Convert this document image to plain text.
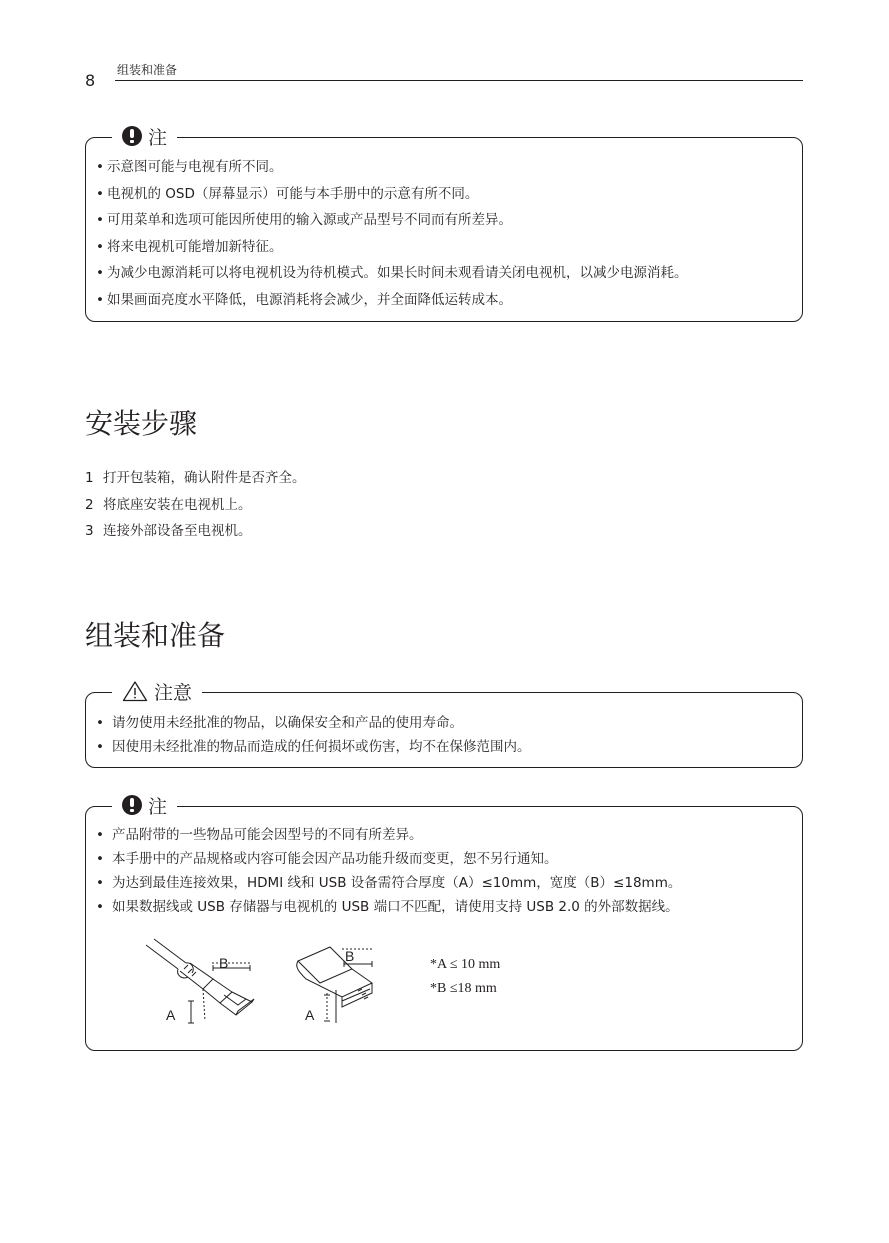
8
组装和准备
注
• 示意图可能与电视有所不同。
• 电视机的 OSD（屏幕显示）可能与本手册中的示意有所不同。
• 可用菜单和选项可能因所使用的输入源或产品型号不同而有所差异。
• 将来电视机可能增加新特征。
• 为减少电源消耗可以将电视机设为待机模式。如果长时间未观看请关闭电视机，以减少电源消耗。
• 如果画面亮度水平降低，电源消耗将会减少，并全面降低运转成本。
安装步骤
1 打开包装箱，确认附件是否齐全。
2 将底座安装在电视机上。
3 连接外部设备至电视机。
组装和准备
注意
• 请勿使用未经批准的物品，以确保安全和产品的使用寿命。
• 因使用未经批准的物品而造成的任何损坏或伤害，均不在保修范围内。
注
• 产品附带的一些物品可能会因型号的不同有所差异。
• 本手册中的产品规格或内容可能会因产品功能升级而变更，恕不另行通知。
• 为达到最佳连接效果，HDMI 线和 USB 设备需符合厚度（A）≤10mm，宽度（B）≤18mm。
• 如果数据线或 USB 存储器与电视机的 USB 端口不匹配，请使用支持 USB 2.0 的外部数据线。
B
A
B
A
*A ≤ 10 mm
*B ≤18 mm
